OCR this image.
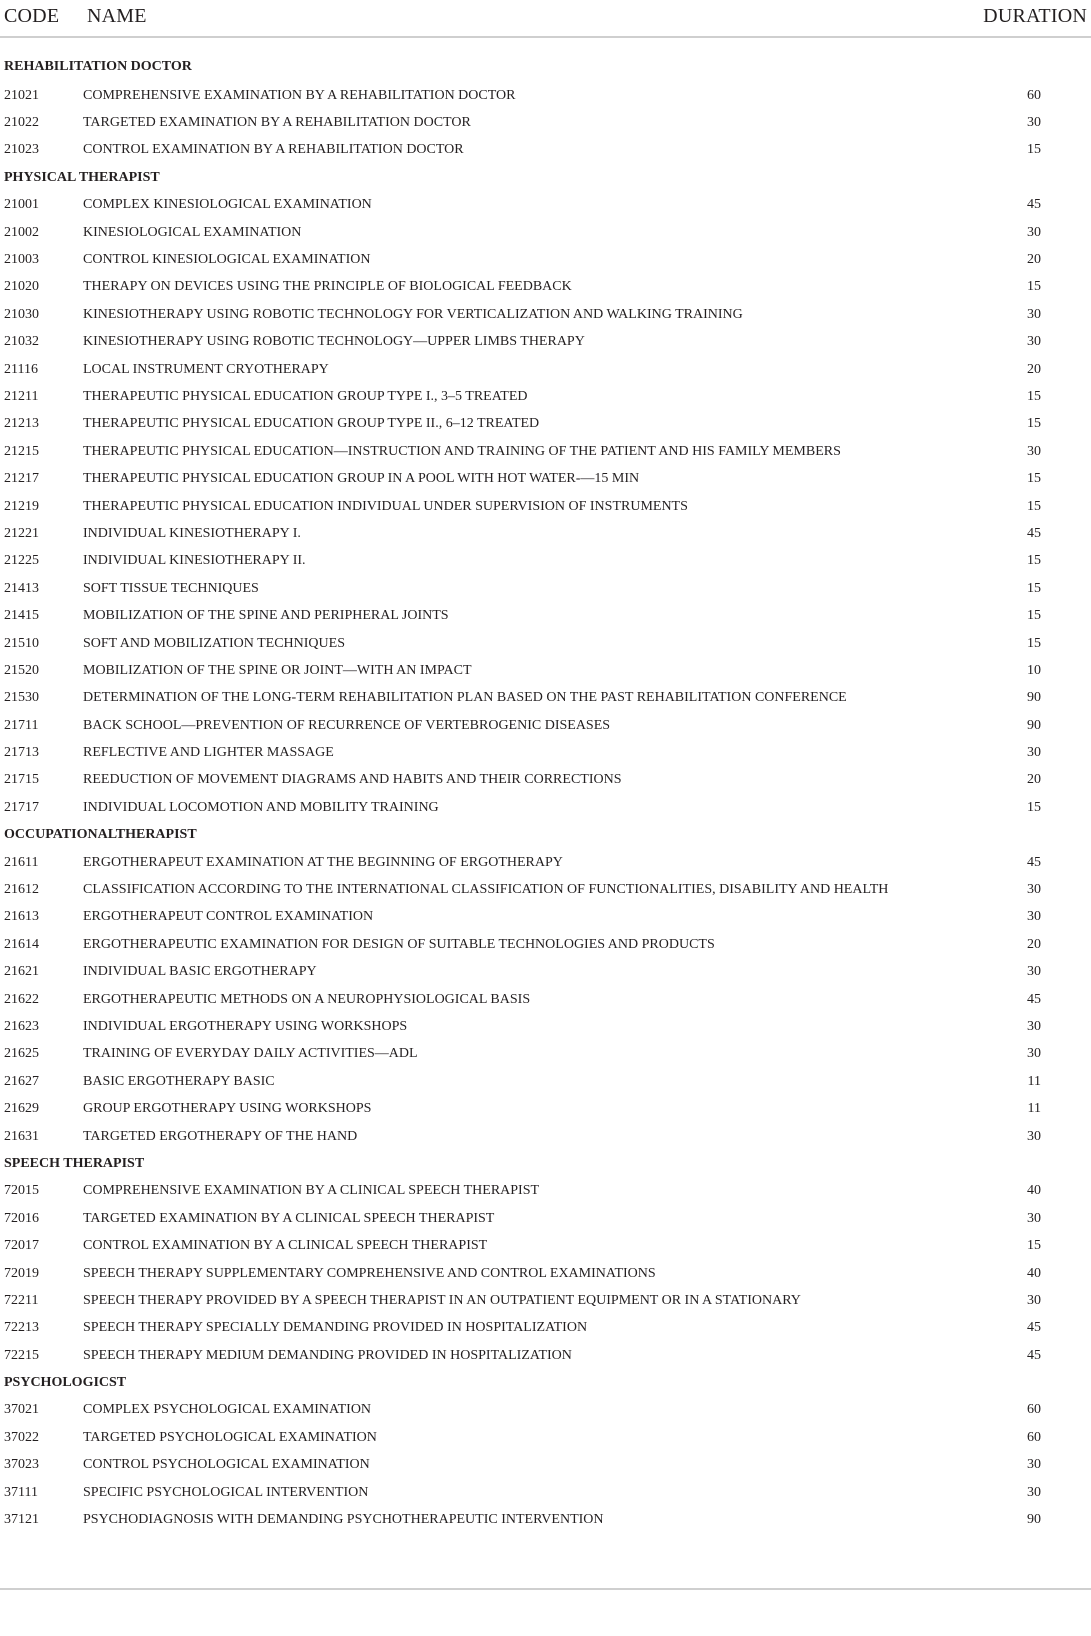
CODE	NAME	DURATION
REHABILITATION DOCTOR		
21021	COMPREHENSIVE EXAMINATION BY A REHABILITATION DOCTOR	60
21022	TARGETED EXAMINATION BY A REHABILITATION DOCTOR	30
21023	CONTROL EXAMINATION BY A REHABILITATION DOCTOR	15
PHYSICAL THERAPIST		
21001	COMPLEX KINESIOLOGICAL EXAMINATION	45
21002	KINESIOLOGICAL EXAMINATION	30
21003	CONTROL KINESIOLOGICAL EXAMINATION	20
21020	THERAPY ON DEVICES USING THE PRINCIPLE OF BIOLOGICAL FEEDBACK	15
21030	KINESIOTHERAPY USING ROBOTIC TECHNOLOGY FOR VERTICALIZATION AND WALKING TRAINING	30
21032	KINESIOTHERAPY USING ROBOTIC TECHNOLOGY—UPPER LIMBS THERAPY	30
21116	LOCAL INSTRUMENT CRYOTHERAPY	20
21211	THERAPEUTIC PHYSICAL EDUCATION GROUP TYPE I., 3–5 TREATED	15
21213	THERAPEUTIC PHYSICAL EDUCATION GROUP TYPE II., 6–12 TREATED	15
21215	THERAPEUTIC PHYSICAL EDUCATION—INSTRUCTION AND TRAINING OF THE PATIENT AND HIS FAMILY MEMBERS	30
21217	THERAPEUTIC PHYSICAL EDUCATION GROUP IN A POOL WITH HOT WATER-—15 MIN	15
21219	THERAPEUTIC PHYSICAL EDUCATION INDIVIDUAL UNDER SUPERVISION OF INSTRUMENTS	15
21221	INDIVIDUAL KINESIOTHERAPY I.	45
21225	INDIVIDUAL KINESIOTHERAPY II.	15
21413	SOFT TISSUE TECHNIQUES	15
21415	MOBILIZATION OF THE SPINE AND PERIPHERAL JOINTS	15
21510	SOFT AND MOBILIZATION TECHNIQUES	15
21520	MOBILIZATION OF THE SPINE OR JOINT—WITH AN IMPACT	10
21530	DETERMINATION OF THE LONG-TERM REHABILITATION PLAN BASED ON THE PAST REHABILITATION CONFERENCE	90
21711	BACK SCHOOL—PREVENTION OF RECURRENCE OF VERTEBROGENIC DISEASES	90
21713	REFLECTIVE AND LIGHTER MASSAGE	30
21715	REEDUCTION OF MOVEMENT DIAGRAMS AND HABITS AND THEIR CORRECTIONS	20
21717	INDIVIDUAL LOCOMOTION AND MOBILITY TRAINING	15
OCCUPATIONALTHERAPIST		
21611	ERGOTHERAPEUT EXAMINATION AT THE BEGINNING OF ERGOTHERAPY	45
21612	CLASSIFICATION ACCORDING TO THE INTERNATIONAL CLASSIFICATION OF FUNCTIONALITIES, DISABILITY AND HEALTH	30
21613	ERGOTHERAPEUT CONTROL EXAMINATION	30
21614	ERGOTHERAPEUTIC EXAMINATION FOR DESIGN OF SUITABLE TECHNOLOGIES AND PRODUCTS	20
21621	INDIVIDUAL BASIC ERGOTHERAPY	30
21622	ERGOTHERAPEUTIC METHODS ON A NEUROPHYSIOLOGICAL BASIS	45
21623	INDIVIDUAL ERGOTHERAPY USING WORKSHOPS	30
21625	TRAINING OF EVERYDAY DAILY ACTIVITIES—ADL	30
21627	BASIC ERGOTHERAPY BASIC	11
21629	GROUP ERGOTHERAPY USING WORKSHOPS	11
21631	TARGETED ERGOTHERAPY OF THE HAND	30
SPEECH THERAPIST		
72015	COMPREHENSIVE EXAMINATION BY A CLINICAL SPEECH THERAPIST	40
72016	TARGETED EXAMINATION BY A CLINICAL SPEECH THERAPIST	30
72017	CONTROL EXAMINATION BY A CLINICAL SPEECH THERAPIST	15
72019	SPEECH THERAPY SUPPLEMENTARY COMPREHENSIVE AND CONTROL EXAMINATIONS	40
72211	SPEECH THERAPY PROVIDED BY A SPEECH THERAPIST IN AN OUTPATIENT EQUIPMENT OR IN A STATIONARY	30
72213	SPEECH THERAPY SPECIALLY DEMANDING PROVIDED IN HOSPITALIZATION	45
72215	SPEECH THERAPY MEDIUM DEMANDING PROVIDED IN HOSPITALIZATION	45
PSYCHOLOGICST		
37021	COMPLEX PSYCHOLOGICAL EXAMINATION	60
37022	TARGETED PSYCHOLOGICAL EXAMINATION	60
37023	CONTROL PSYCHOLOGICAL EXAMINATION	30
37111	SPECIFIC PSYCHOLOGICAL INTERVENTION	30
37121	PSYCHODIAGNOSIS WITH DEMANDING PSYCHOTHERAPEUTIC INTERVENTION	90
